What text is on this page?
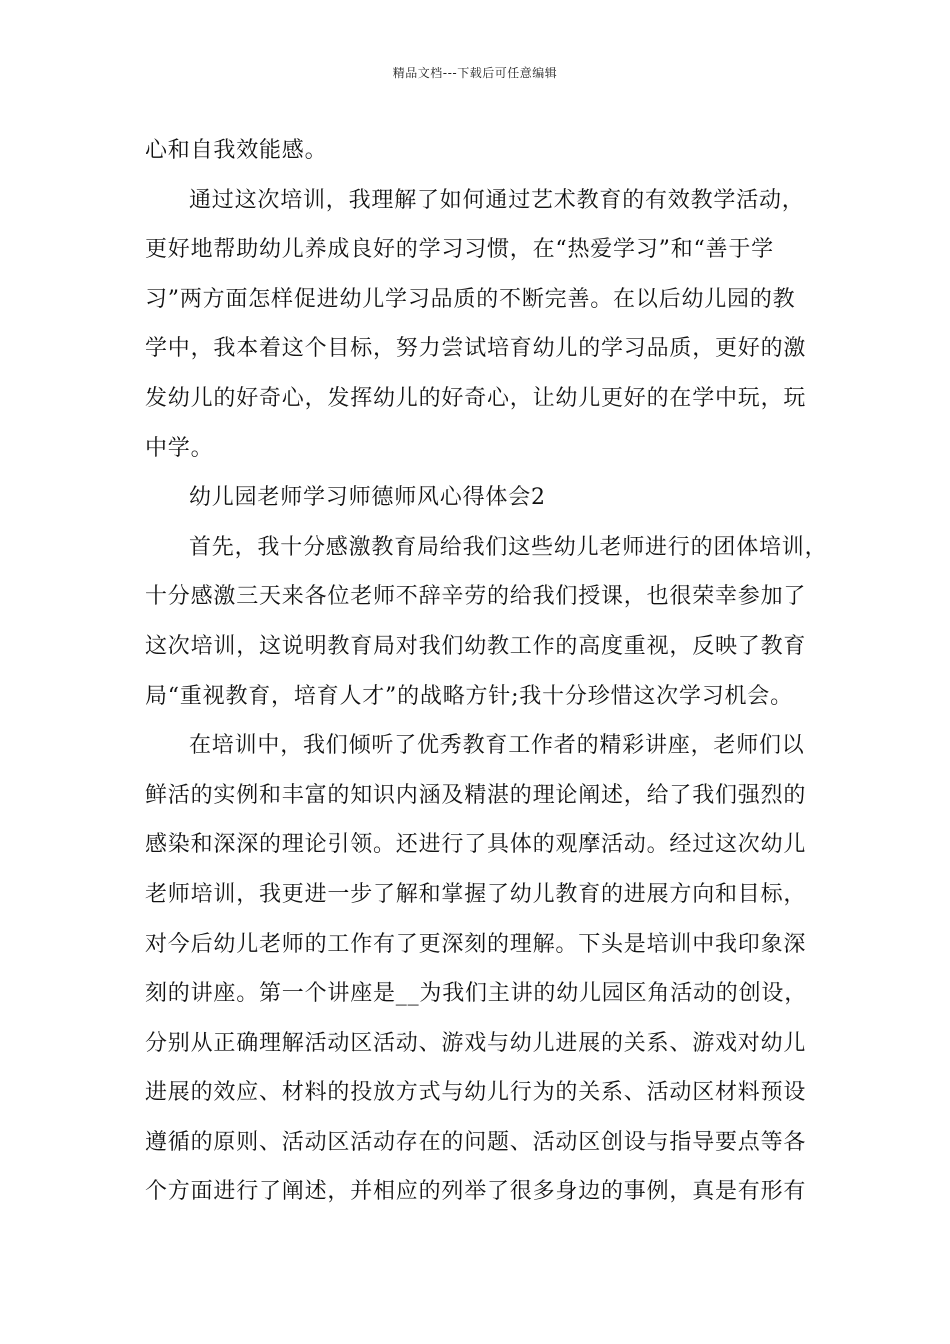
精品文档---下载后可任意编辑
心和自我效能感。
通过这次培训，我理解了如何通过艺术教育的有效教学活动，
更好地帮助幼儿养成良好的学习习惯，在“热爱学习”和“善于学
习”两方面怎样促进幼儿学习品质的不断完善。在以后幼儿园的教
学中，我本着这个目标，努力尝试培育幼儿的学习品质，更好的激
发幼儿的好奇心，发挥幼儿的好奇心，让幼儿更好的在学中玩，玩
中学。
幼儿园老师学习师德师风心得体会2
首先，我十分感激教育局给我们这些幼儿老师进行的团体培训，
十分感激三天来各位老师不辞辛劳的给我们授课，也很荣幸参加了
这次培训，这说明教育局对我们幼教工作的高度重视，反映了教育
局“重视教育，培育人才”的战略方针;我十分珍惜这次学习机会。
在培训中，我们倾听了优秀教育工作者的精彩讲座，老师们以
鲜活的实例和丰富的知识内涵及精湛的理论阐述，给了我们强烈的
感染和深深的理论引领。还进行了具体的观摩活动。经过这次幼儿
老师培训，我更进一步了解和掌握了幼儿教育的进展方向和目标，
对今后幼儿老师的工作有了更深刻的理解。下头是培训中我印象深
刻的讲座。第一个讲座是__为我们主讲的幼儿园区角活动的创设，
分别从正确理解活动区活动、游戏与幼儿进展的关系、游戏对幼儿
进展的效应、材料的投放方式与幼儿行为的关系、活动区材料预设
遵循的原则、活动区活动存在的问题、活动区创设与指导要点等各
个方面进行了阐述，并相应的列举了很多身边的事例，真是有形有
